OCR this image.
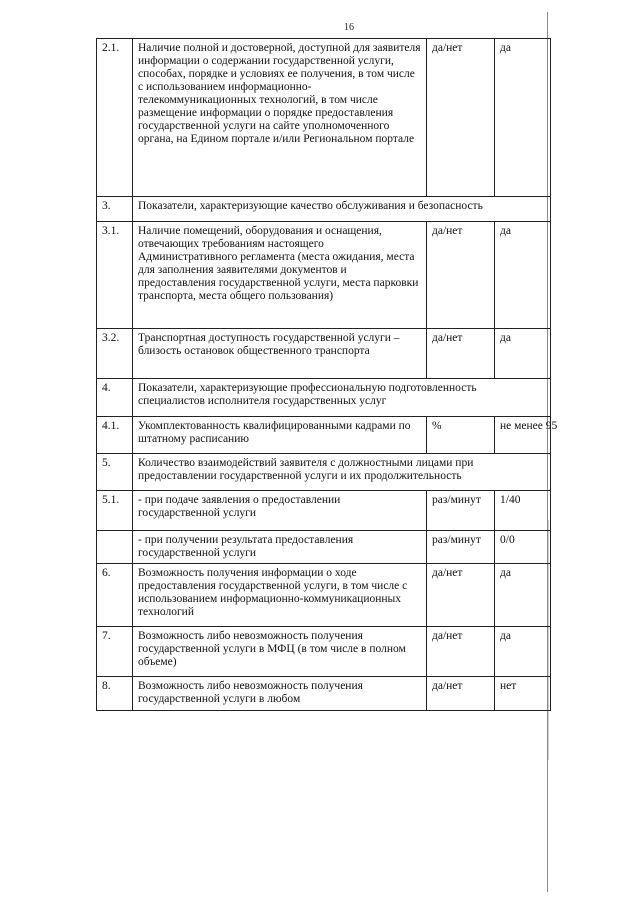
16
2.1.	Наличие полной и достоверной, доступной для заявителя информации о содержании государственной услуги, способах, порядке и условиях ее получения, в том числе с использованием информационно-телекоммуникационных технологий, в том числе размещение информации о порядке предоставления государственной услуги на сайте уполномоченного органа, на Едином портале и/или Региональном портале	да/нет	да
3.	Показатели, характеризующие качество обслуживания и безопасность		
3.1.	Наличие помещений, оборудования и оснащения, отвечающих требованиям настоящего Административного регламента (места ожидания, места для заполнения заявителями документов и предоставления государственной услуги, места парковки транспорта, места общего пользования)	да/нет	да
3.2.	Транспортная доступность государственной услуги – близость остановок общественного транспорта	да/нет	да
4.	Показатели, характеризующие профессиональную подготовленность специалистов исполнителя государственных услуг		
4.1.	Укомплектованность квалифицированными кадрами по штатному расписанию	%	не менее 95
5.	Количество взаимодействий заявителя с должностными лицами при предоставлении государственной услуги и их продолжительность		
5.1.	- при подаче заявления о предоставлении государственной услуги	раз/минут	1/40
	- при получении результата предоставления государственной услуги	раз/минут	0/0
6.	Возможность получения информации о ходе предоставления государственной услуги, в том числе с использованием информационно-коммуникационных технологий	да/нет	да
7.	Возможность либо невозможность получения государственной услуги в МФЦ (в том числе в полном объеме)	да/нет	да
8.	Возможность либо невозможность получения государственной услуги в любом	да/нет	нет
